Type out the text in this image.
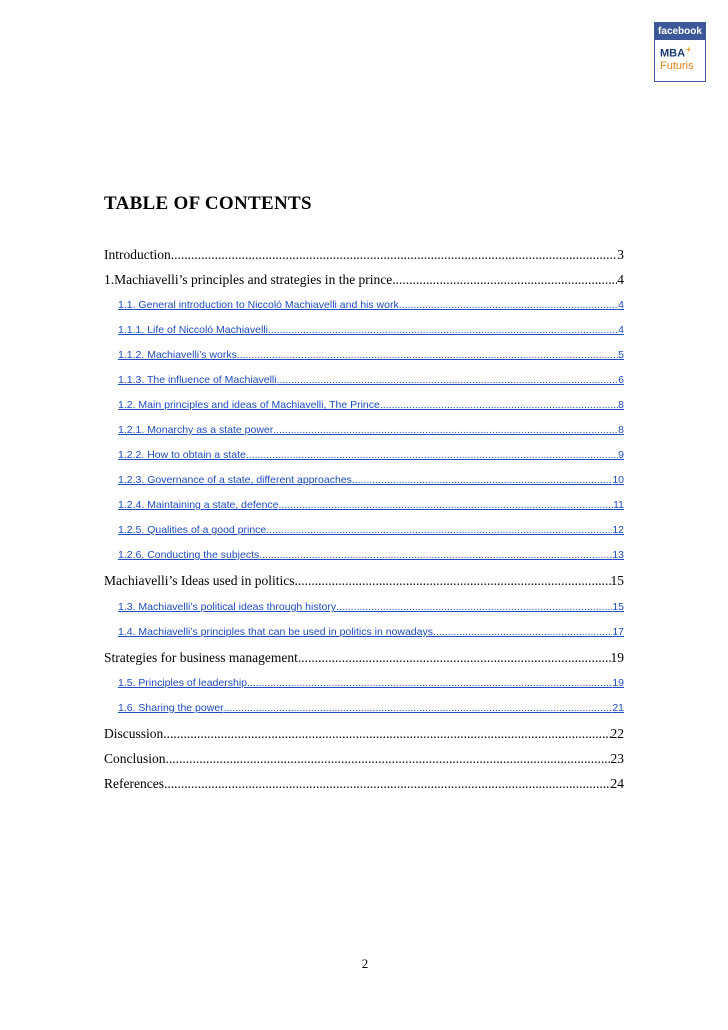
facebook
MBA+
Futuris
TABLE OF CONTENTS
Introduction .....	3
1.Machiavelli’s principles and strategies in the prince .....	4
1.1. General introduction to Niccoló Machiavelli and his work .....	4
1.1.1. Life of Niccoló Machiavelli .....	4
1.1.2. Machiavelli’s works .....	5
1.1.3. The influence of Machiavelli .....	6
1.2. Main principles and ideas of Machiavelli, The Prince .....	8
1.2.1. Monarchy as a state power .....	8
1.2.2. How to obtain a state .....	9
1.2.3. Governance of a state, different approaches .....	10
1.2.4. Maintaining a state, defence .....	11
1.2.5. Qualities of a good prince .....	12
1.2.6. Conducting the subjects .....	13
Machiavelli’s Ideas used in politics .....	15
1.3. Machiavelli’s political ideas through history .....	15
1.4. Machiavelli’s principles that can be used in politics in nowadays .....	17
Strategies for business management .....	19
1.5. Principles of leadership .....	19
1.6. Sharing the power .....	21
Discussion .....	22
Conclusion .....	23
References .....	24
2
